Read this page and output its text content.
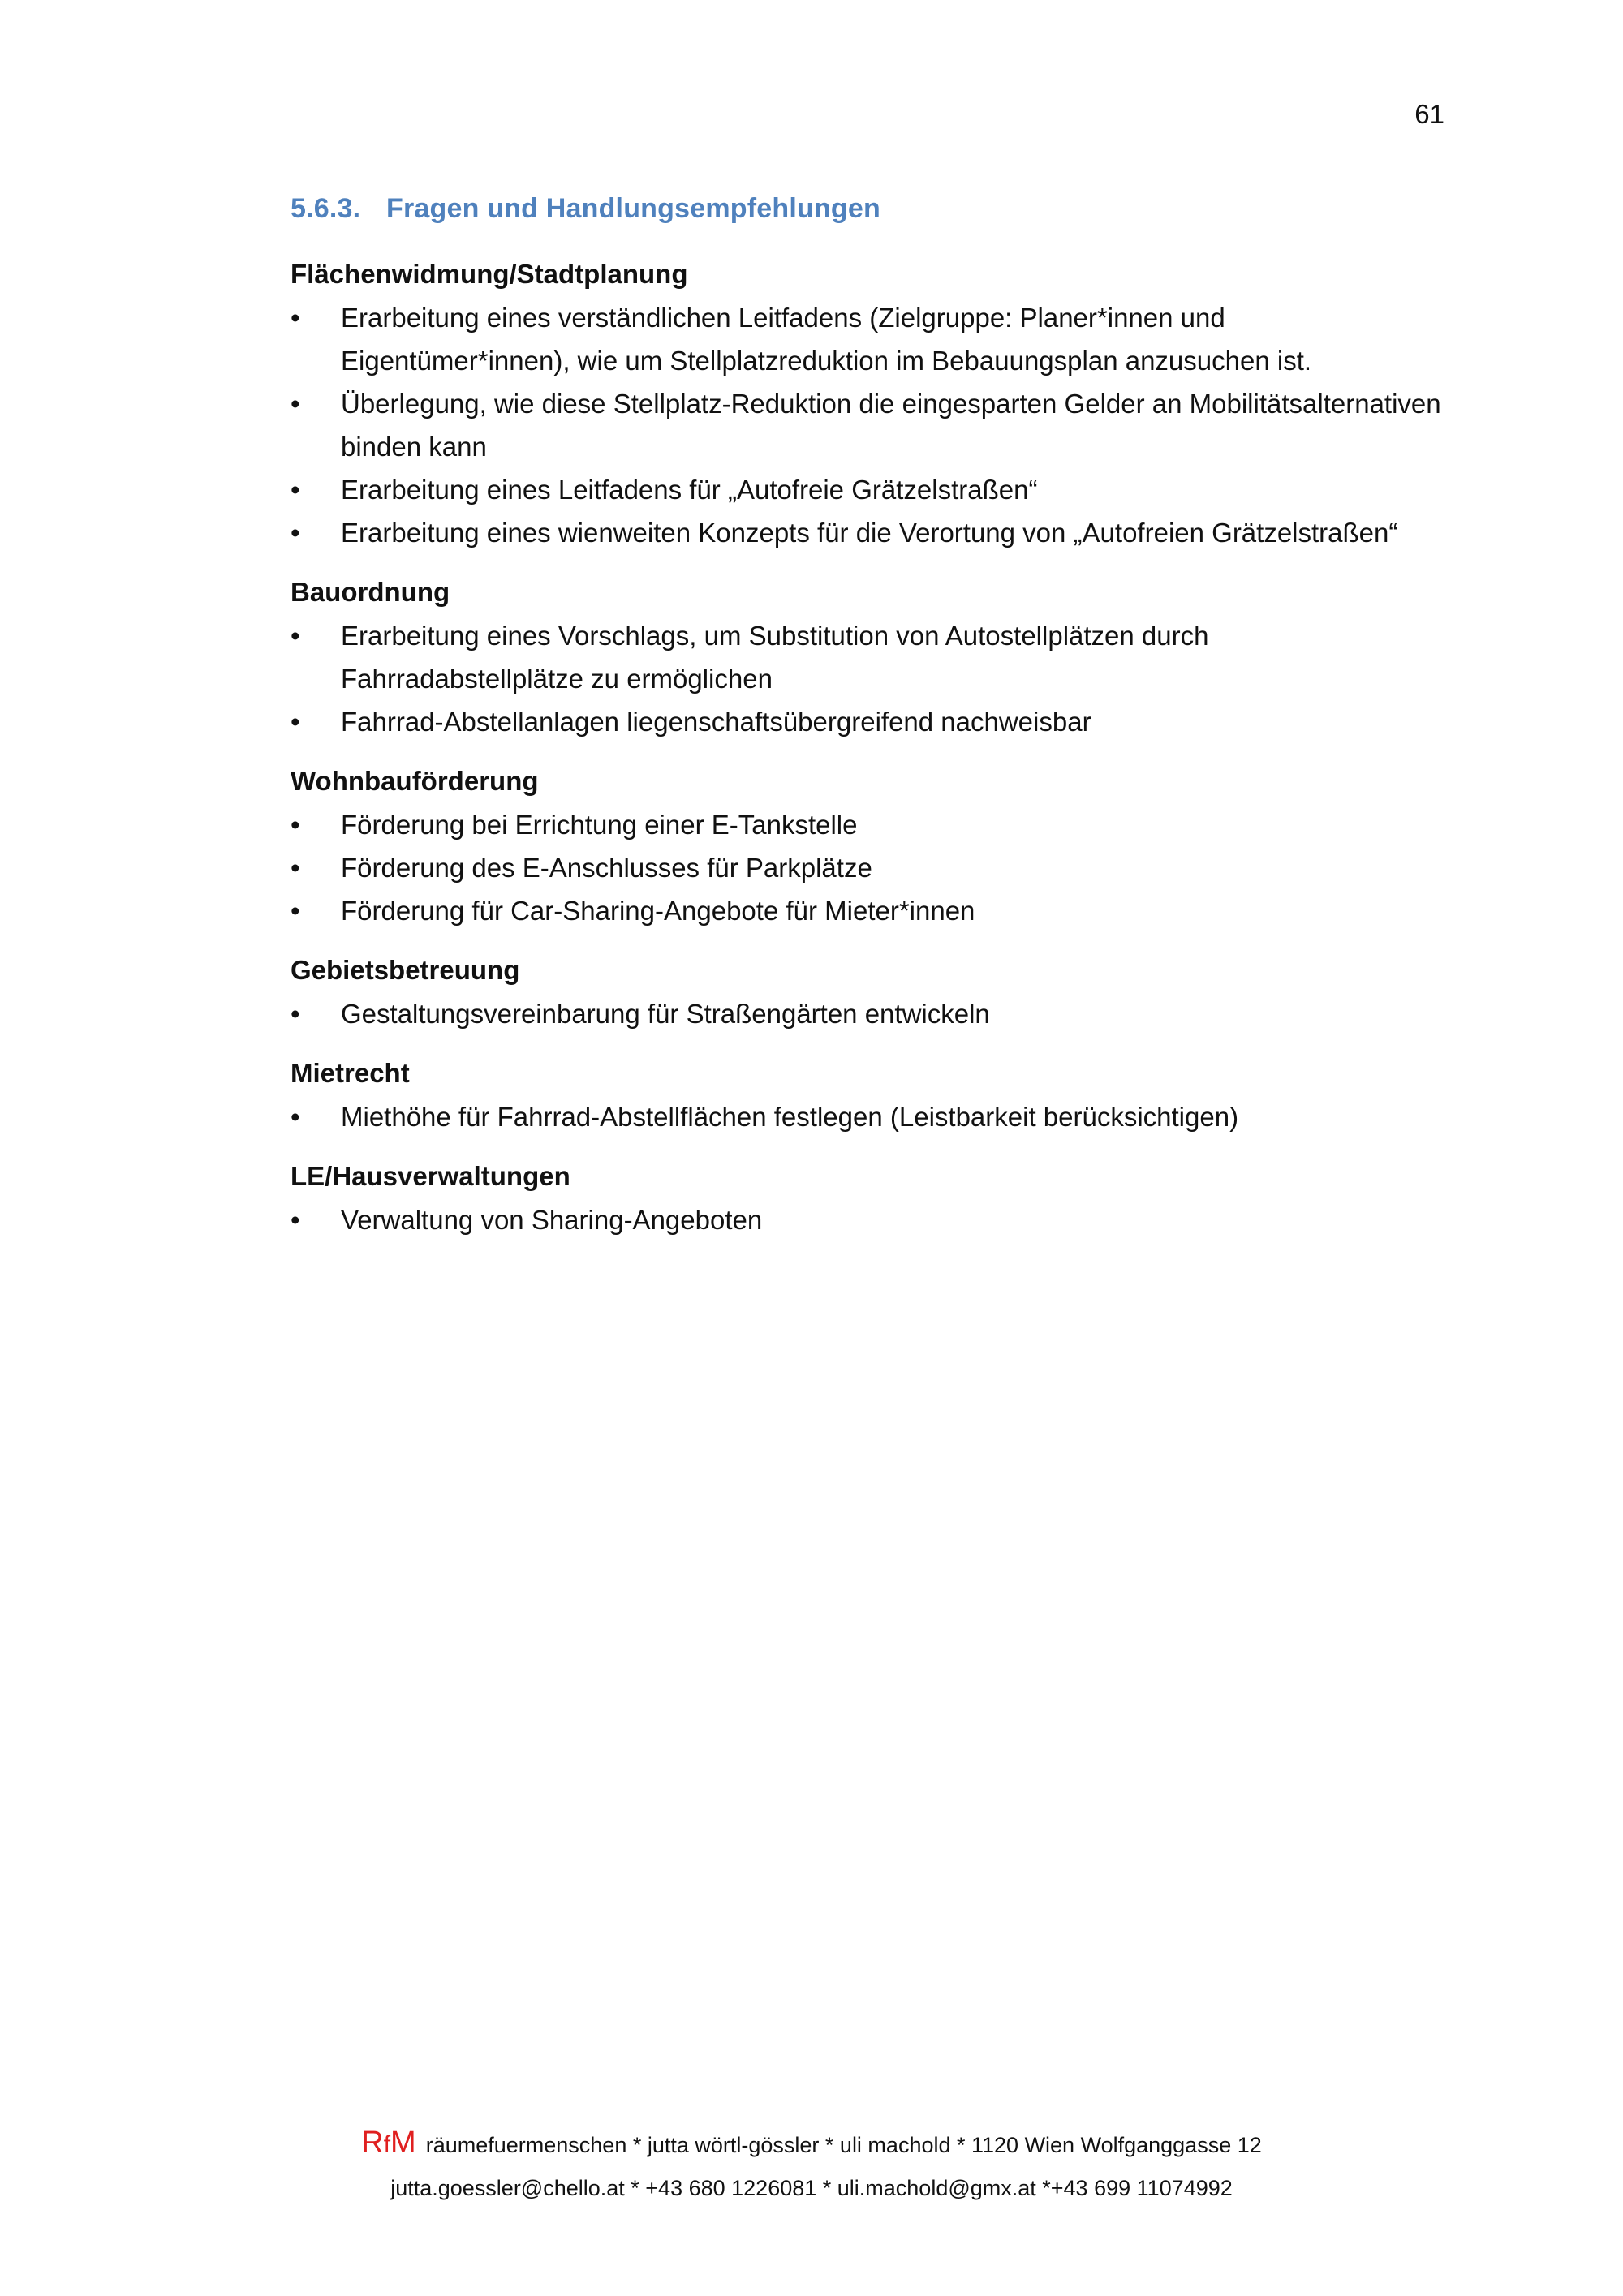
61
5.6.3. Fragen und Handlungsempfehlungen
Flächenwidmung/Stadtplanung
•	Erarbeitung eines verständlichen Leitfadens (Zielgruppe: Planer*innen und Eigentümer*innen), wie um Stellplatzreduktion im Bebauungsplan anzusuchen ist.
•	Überlegung, wie diese Stellplatz-Reduktion die eingesparten Gelder an Mobilitätsalternativen binden kann
•	Erarbeitung eines Leitfadens für „Autofreie Grätzelstraßen“
•	Erarbeitung eines wienweiten Konzepts für die Verortung von „Autofreien Grätzelstraßen“
Bauordnung
•	Erarbeitung eines Vorschlags, um Substitution von Autostellplätzen durch Fahrradabstellplätze zu ermöglichen
•	Fahrrad-Abstellanlagen liegenschaftsübergreifend nachweisbar
Wohnbauförderung
•	Förderung bei Errichtung einer E-Tankstelle
•	Förderung des E-Anschlusses für Parkplätze
•	Förderung für Car-Sharing-Angebote für Mieter*innen
Gebietsbetreuung
•	Gestaltungsvereinbarung für Straßengärten entwickeln
Mietrecht
•	Miethöhe für Fahrrad-Abstellflächen festlegen (Leistbarkeit berücksichtigen)
LE/Hausverwaltungen
•	Verwaltung von Sharing-Angeboten
RfM räumefuermenschen * jutta wörtl-gössler * uli machold * 1120 Wien Wolfganggasse 12
jutta.goessler@chello.at * +43 680 1226081 * uli.machold@gmx.at *+43 699 11074992
